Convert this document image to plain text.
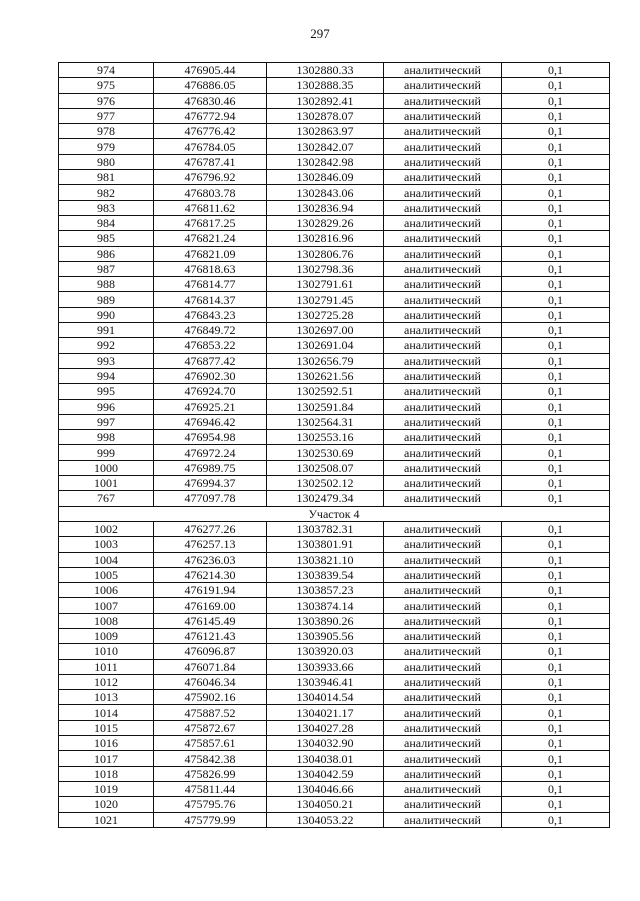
297
974	476905.44	1302880.33	аналитический	0,1
975	476886.05	1302888.35	аналитический	0,1
976	476830.46	1302892.41	аналитический	0,1
977	476772.94	1302878.07	аналитический	0,1
978	476776.42	1302863.97	аналитический	0,1
979	476784.05	1302842.07	аналитический	0,1
980	476787.41	1302842.98	аналитический	0,1
981	476796.92	1302846.09	аналитический	0,1
982	476803.78	1302843.06	аналитический	0,1
983	476811.62	1302836.94	аналитический	0,1
984	476817.25	1302829.26	аналитический	0,1
985	476821.24	1302816.96	аналитический	0,1
986	476821.09	1302806.76	аналитический	0,1
987	476818.63	1302798.36	аналитический	0,1
988	476814.77	1302791.61	аналитический	0,1
989	476814.37	1302791.45	аналитический	0,1
990	476843.23	1302725.28	аналитический	0,1
991	476849.72	1302697.00	аналитический	0,1
992	476853.22	1302691.04	аналитический	0,1
993	476877.42	1302656.79	аналитический	0,1
994	476902.30	1302621.56	аналитический	0,1
995	476924.70	1302592.51	аналитический	0,1
996	476925.21	1302591.84	аналитический	0,1
997	476946.42	1302564.31	аналитический	0,1
998	476954.98	1302553.16	аналитический	0,1
999	476972.24	1302530.69	аналитический	0,1
1000	476989.75	1302508.07	аналитический	0,1
1001	476994.37	1302502.12	аналитический	0,1
767	477097.78	1302479.34	аналитический	0,1
Участок 4				
1002	476277.26	1303782.31	аналитический	0,1
1003	476257.13	1303801.91	аналитический	0,1
1004	476236.03	1303821.10	аналитический	0,1
1005	476214.30	1303839.54	аналитический	0,1
1006	476191.94	1303857.23	аналитический	0,1
1007	476169.00	1303874.14	аналитический	0,1
1008	476145.49	1303890.26	аналитический	0,1
1009	476121.43	1303905.56	аналитический	0,1
1010	476096.87	1303920.03	аналитический	0,1
1011	476071.84	1303933.66	аналитический	0,1
1012	476046.34	1303946.41	аналитический	0,1
1013	475902.16	1304014.54	аналитический	0,1
1014	475887.52	1304021.17	аналитический	0,1
1015	475872.67	1304027.28	аналитический	0,1
1016	475857.61	1304032.90	аналитический	0,1
1017	475842.38	1304038.01	аналитический	0,1
1018	475826.99	1304042.59	аналитический	0,1
1019	475811.44	1304046.66	аналитический	0,1
1020	475795.76	1304050.21	аналитический	0,1
1021	475779.99	1304053.22	аналитический	0,1
